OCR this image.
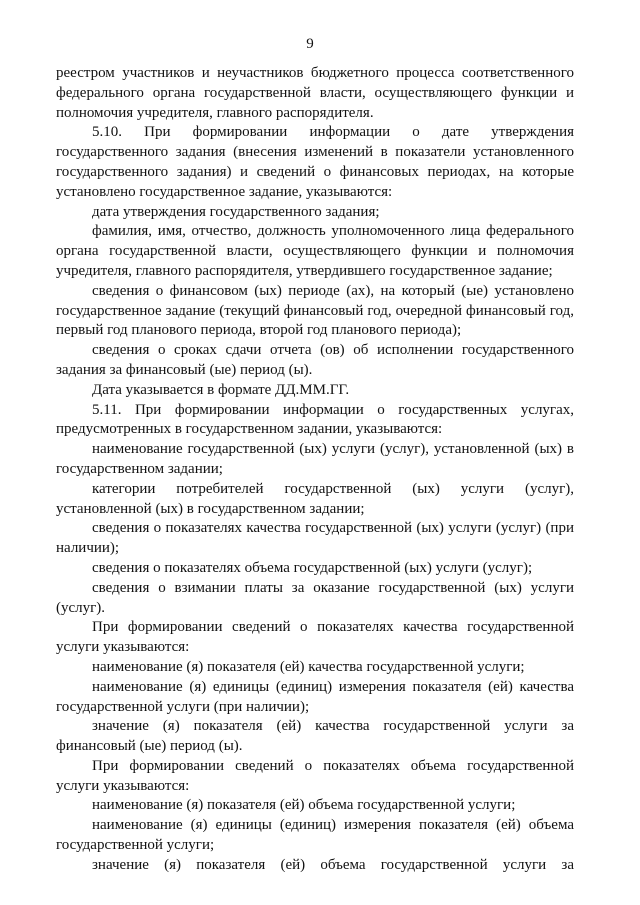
9

реестром участников и неучастников бюджетного процесса соответственного федерального органа государственной власти, осуществляющего функции и полномочия учредителя, главного распорядителя.

5.10. При формировании информации о дате утверждения государственного задания (внесения изменений в показатели установленного государственного задания) и сведений о финансовых периодах, на которые установлено государственное задание, указываются:

дата утверждения государственного задания;

фамилия, имя, отчество, должность уполномоченного лица федерального органа государственной власти, осуществляющего функции и полномочия учредителя, главного распорядителя, утвердившего государственное задание;

сведения о финансовом (ых) периоде (ах), на который (ые) установлено государственное задание (текущий финансовый год, очередной финансовый год, первый год планового периода, второй год планового периода);

сведения о сроках сдачи отчета (ов) об исполнении государственного задания за финансовый (ые) период (ы).

Дата указывается в формате ДД.ММ.ГГ.

5.11. При формировании информации о государственных услугах, предусмотренных в государственном задании, указываются:

наименование государственной (ых) услуги (услуг), установленной (ых) в государственном задании;

категории потребителей государственной (ых) услуги (услуг), установленной (ых) в государственном задании;

сведения о показателях качества государственной (ых) услуги (услуг) (при наличии);

сведения о показателях объема государственной (ых) услуги (услуг);

сведения о взимании платы за оказание государственной (ых) услуги (услуг).

При формировании сведений о показателях качества государственной услуги указываются:

наименование (я) показателя (ей) качества государственной услуги;

наименование (я) единицы (единиц) измерения показателя (ей) качества государственной услуги (при наличии);

значение (я) показателя (ей) качества государственной услуги за финансовый (ые) период (ы).

При формировании сведений о показателях объема государственной услуги указываются:

наименование (я) показателя (ей) объема государственной услуги;

наименование (я) единицы (единиц) измерения показателя (ей) объема государственной услуги;

значение (я) показателя (ей) объема государственной услуги за
